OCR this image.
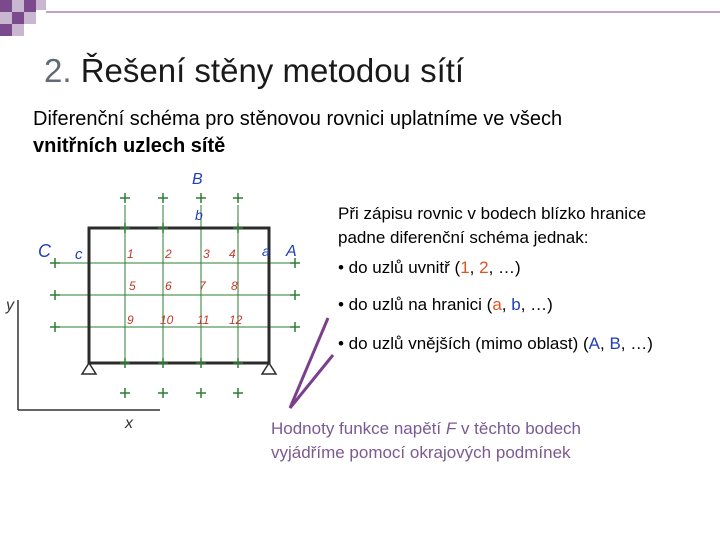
2. Řešení stěny metodou sítí
Diferenční schéma pro stěnovou rovnici uplatníme ve všech
vnitřních uzlech sítě
y
x
1	2	3 4
5 6 7 8
9 10 11 12
B
b
C c	a A

Při zápisu rovnic v bodech blízko hranice

padne diferenční schéma jednak:

• do uzlů uvnitř (1, 2, …)
• do uzlů na hranici (a, b, …)
• do uzlů vnějších (mimo oblast) (A, B, …)
Hodnoty funkce napětí F v těchto bodech
vyjádříme pomocí okrajových podmínek
